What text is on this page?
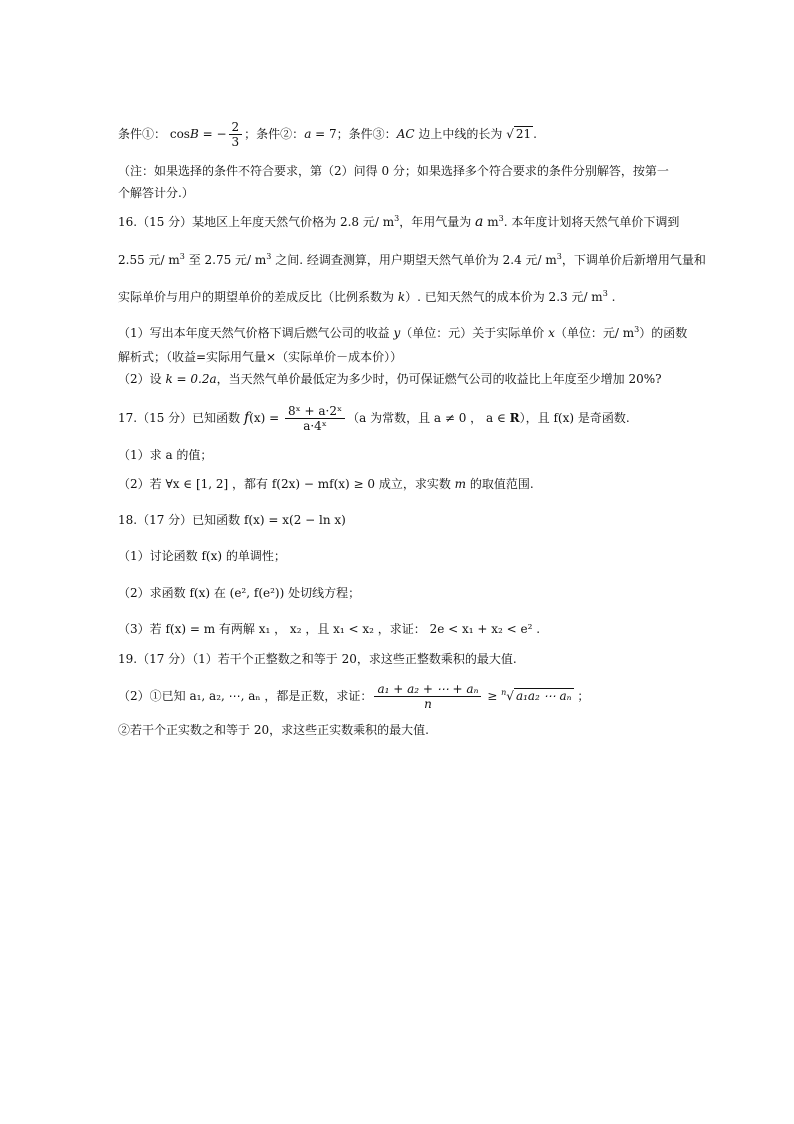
条件①： cosB = − $\frac{2}{3}$ ；条件②：a = 7；条件③：AC 边上中线的长为 √ 21 .
（注：如果选择的条件不符合要求，第（2）问得 0 分；如果选择多个符合要求的条件分别解答，按第一个解答计分.）
16.（15 分）某地区上年度天然气价格为 2.8 元/ $m^3$，年用气量为 a $m^3$. 本年度计划将天然气单价下调到
2.55 元/ $m^3$ 至 2.75 元/ $m^3$ 之间. 经调查测算，用户期望天然气单价为 2.4 元/ $m^3$，下调单价后新增用气量和
实际单价与用户的期望单价的差成反比（比例系数为 k）. 已知天然气的成本价为 2.3 元/ $m^3$ .
（1）写出本年度天然气价格下调后燃气公司的收益 y（单位：元）关于实际单价 x（单位：元/ $m^3$）的函数
解析式；（收益=实际用气量×（实际单价－成本价））
（2）设 k = 0.2a，当天然气单价最低定为多少时，仍可保证燃气公司的收益比上年度至少增加 20%?
17.（15 分）已知函数 $f(x) = \frac{\text{8ˣ + a·2ˣ}}{\text{a·4ˣ}} (a$ 为常数，且 a ≠ 0 ， a ∈ R），且 f(x) 是奇函数.
（1）求 a 的值；
（2）若 ∀x ∈ [1, 2] ，都有 f(2x) − mf(x) ≥ 0 成立，求实数 m 的取值范围.
18.（17 分）已知函数 f(x) = x(2 − ln x)
（1）讨论函数 f(x) 的单调性；
（2）求函数 f(x) 在 (e², f(e²)) 处切线方程；
（3）若 f(x) = m 有两解 x₁ ， x₂ ，且 x₁ < x₂ ，求证： 2e < x₁ + x₂ < e² .
19.（17 分）（1）若干个正整数之和等于 20，求这些正整数乘积的最大值.
（2）①已知 a₁, a₂, ⋯, aₙ ，都是正数，求证： $\frac{\text{a₁ + a₂ + ⋯ + aₙ}}{n} \ge ^n√$ a₁a₂ ⋯ aₙ ；
②若干个正实数之和等于 20，求这些正实数乘积的最大值.
